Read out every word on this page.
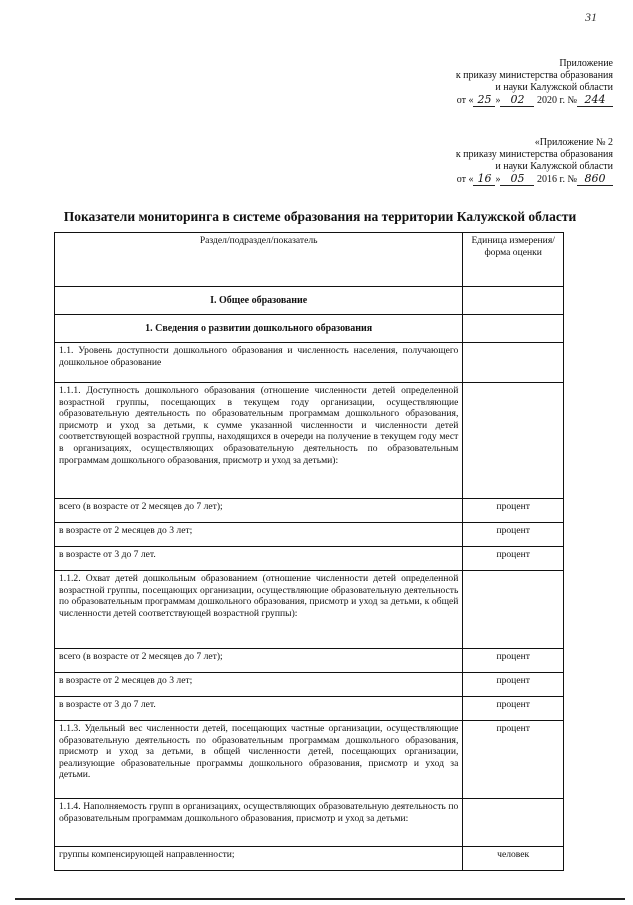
31
Приложение
к приказу министерства образования
и науки Калужской области
от « 25 » 02 2020 г. № 244
«Приложение № 2
к приказу министерства образования
и науки Калужской области
от « 16 » 05 2016 г. № 860
Показатели мониторинга в системе образования на территории Калужской области
Раздел/подраздел/показатель	Единица измерения/форма оценки
I. Общее образование	
1. Сведения о развитии дошкольного образования	
1.1. Уровень доступности дошкольного образования и численность населения, получающего дошкольное образование	
1.1.1. Доступность дошкольного образования (отношение численности детей определенной возрастной группы, посещающих в текущем году организации, осуществляющие образовательную деятельность по образовательным программам дошкольного образования, присмотр и уход за детьми, к сумме указанной численности и численности детей соответствующей возрастной группы, находящихся в очереди на получение в текущем году мест в организациях, осуществляющих образовательную деятельность по образовательным программам дошкольного образования, присмотр и уход за детьми):	
всего (в возрасте от 2 месяцев до 7 лет);	процент
в возрасте от 2 месяцев до 3 лет;	процент
в возрасте от 3 до 7 лет.	процент
1.1.2. Охват детей дошкольным образованием (отношение численности детей определенной возрастной группы, посещающих организации, осуществляющие образовательную деятельность по образовательным программам дошкольного образования, присмотр и уход за детьми, к общей численности детей соответствующей возрастной группы):	
всего (в возрасте от 2 месяцев до 7 лет);	процент
в возрасте от 2 месяцев до 3 лет;	процент
в возрасте от 3 до 7 лет.	процент
1.1.3. Удельный вес численности детей, посещающих частные организации, осуществляющие образовательную деятельность по образовательным программам дошкольного образования, присмотр и уход за детьми, в общей численности детей, посещающих организации, реализующие образовательные программы дошкольного образования, присмотр и уход за детьми.	процент
1.1.4. Наполняемость групп в организациях, осуществляющих образовательную деятельность по образовательным программам дошкольного образования, присмотр и уход за детьми:	
группы компенсирующей направленности;	человек
